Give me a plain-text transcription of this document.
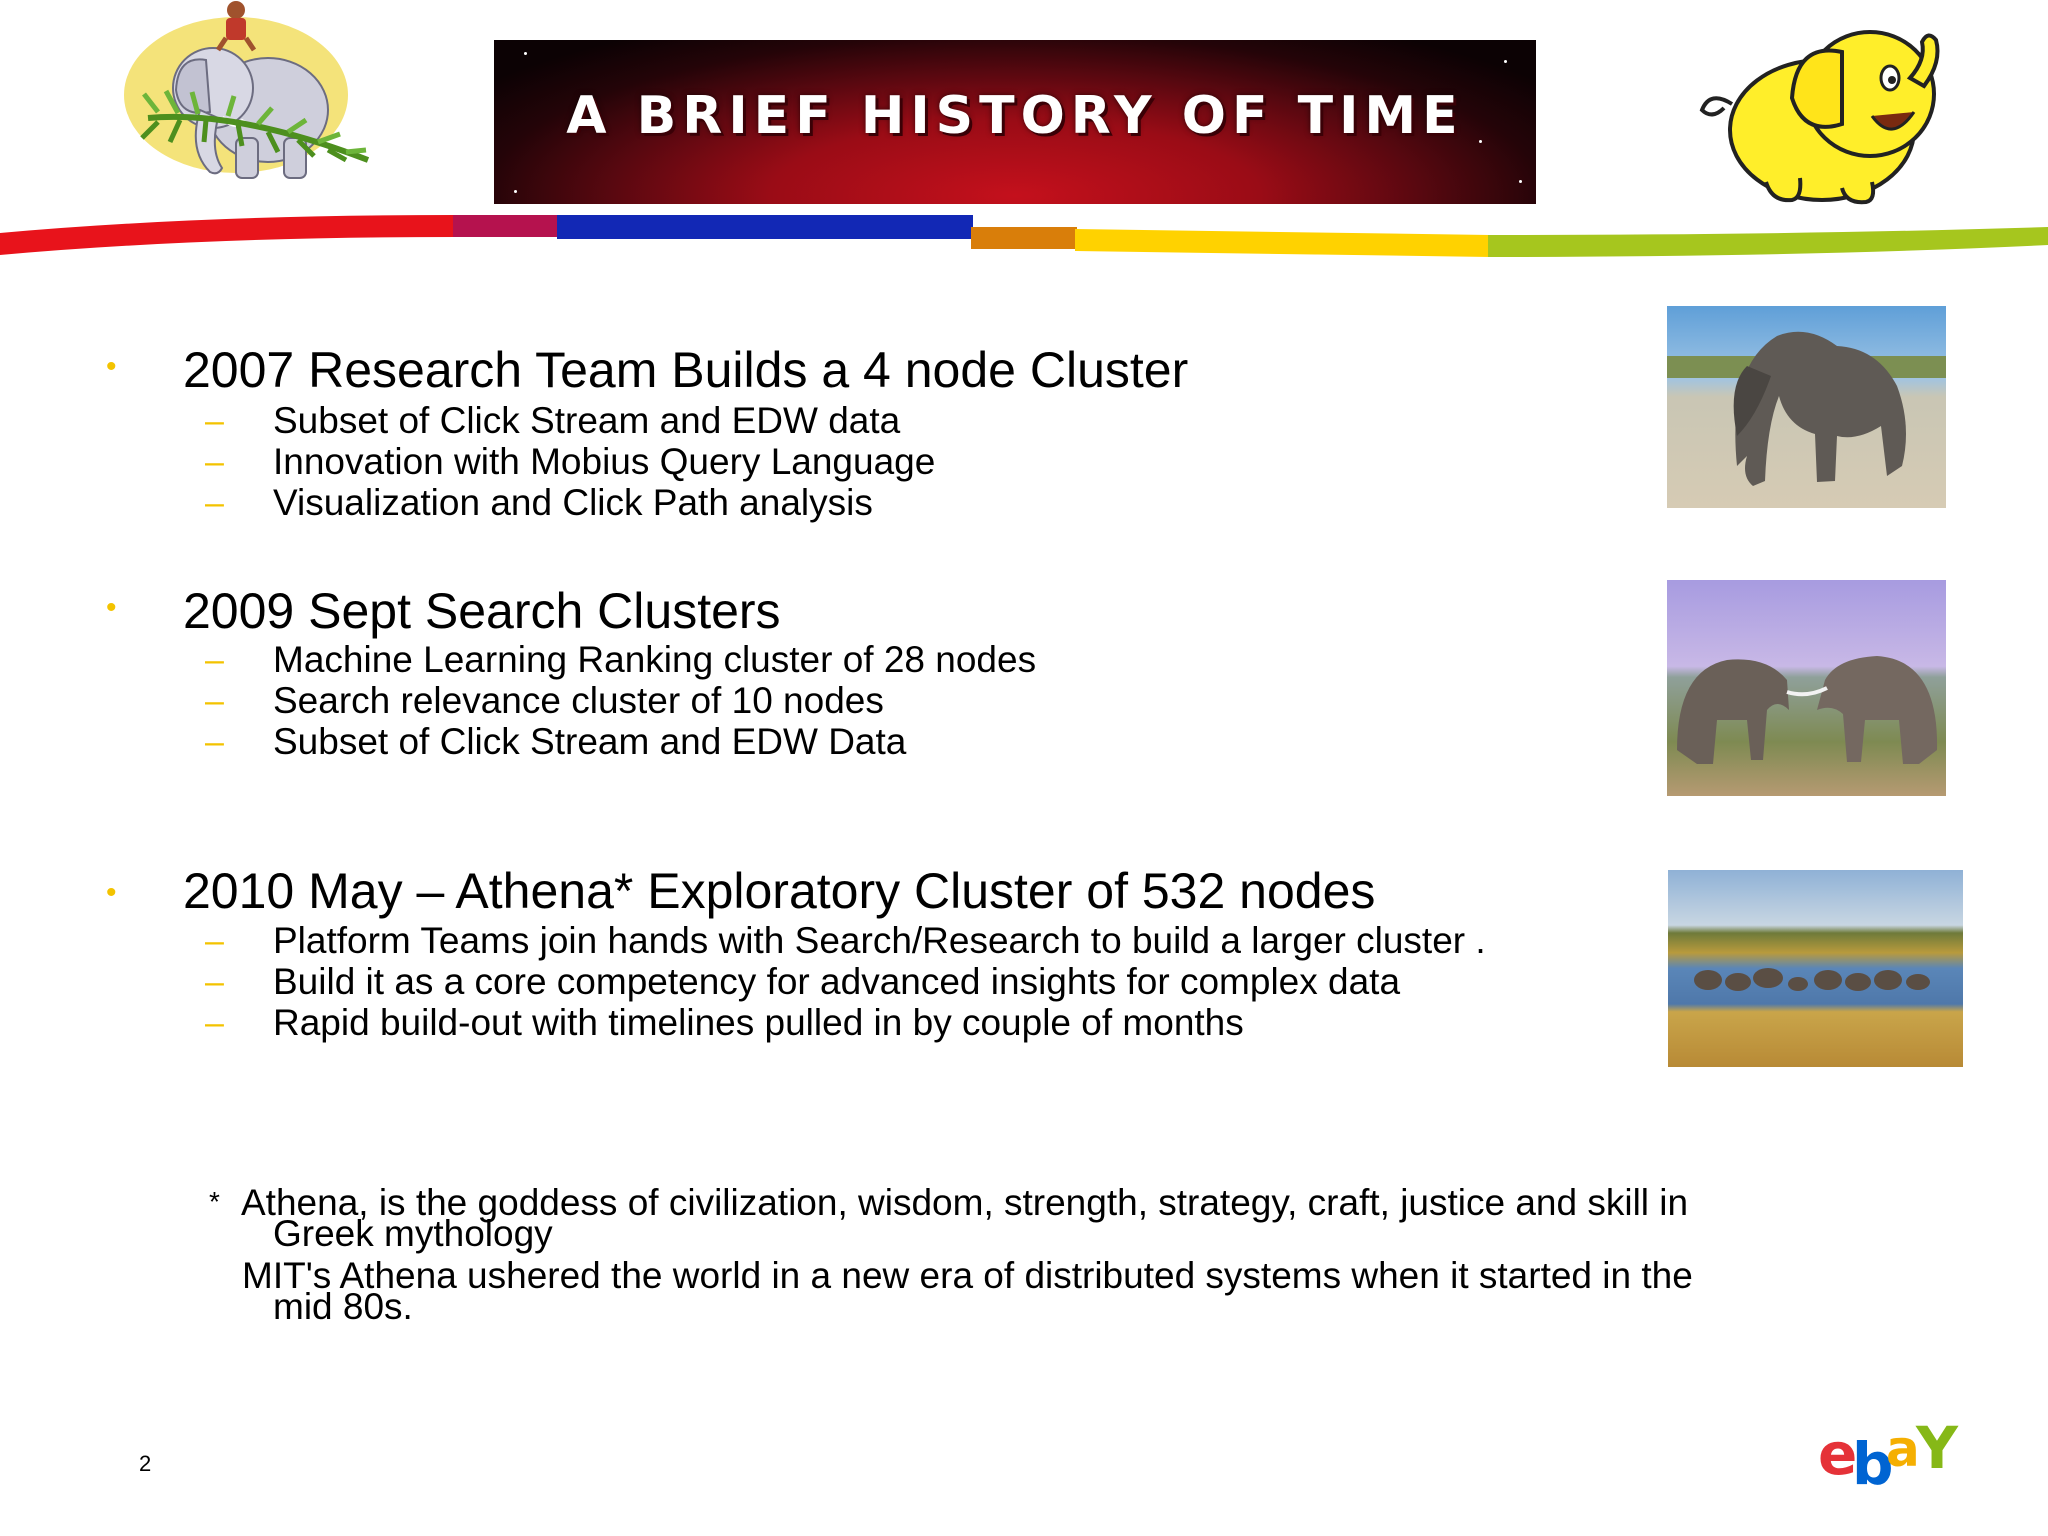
A BRIEF HISTORY OF TIME
• 2007 Research Team Builds a 4 node Cluster
– Subset of Click Stream and EDW data
– Innovation with Mobius Query Language
– Visualization and Click Path analysis
• 2009 Sept Search Clusters
– Machine Learning Ranking cluster of 28 nodes
– Search relevance cluster of 10 nodes
– Subset of Click Stream and EDW Data
• 2010 May – Athena* Exploratory Cluster of 532 nodes
– Platform Teams join hands with Search/Research to build a larger cluster .
– Build it as a core competency for advanced insights for complex data
– Rapid build-out with timelines pulled in by couple of months
* Athena, is the goddess of civilization, wisdom, strength, strategy, craft, justice and skill in
Greek mythology
MIT's Athena ushered the world in a new era of distributed systems when it started in the
mid 80s.
2	e
b
a
Y
